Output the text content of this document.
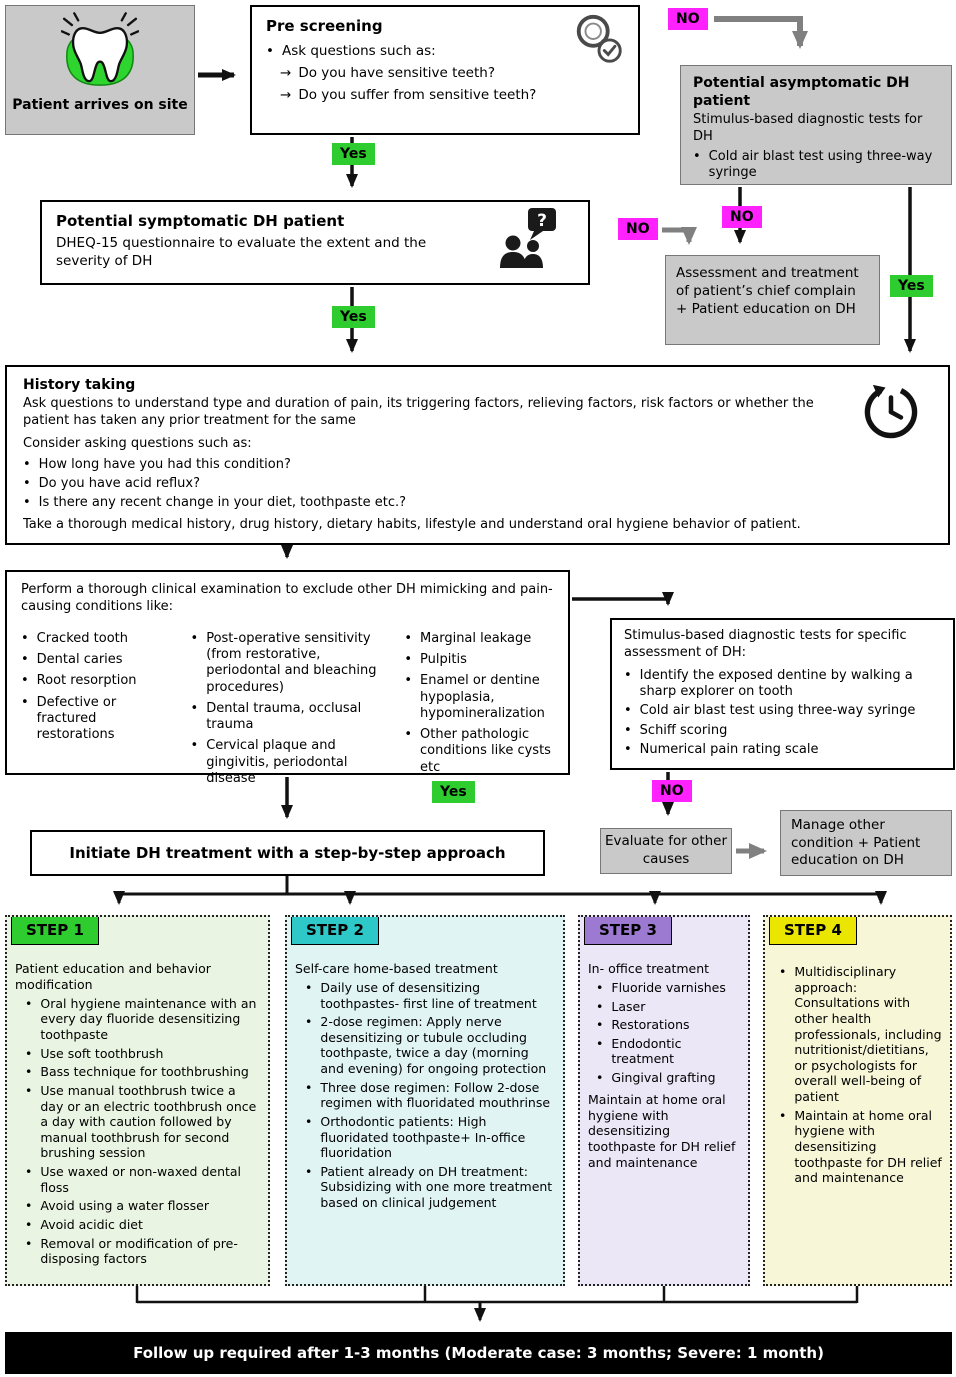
Patient arrives on site
Pre screening
• Ask questions such as:
→ Do you have sensitive teeth?
→ Do you suffer from sensitive teeth?
NO
Yes
Potential asymptomatic DH patient
Stimulus-based diagnostic tests for DH
• Cold air blast test using three-way syringe
?
Potential symptomatic DH patient
DHEQ-15 questionnaire to evaluate the extent and the severity of DH
NO
NO
Yes
Yes
Assessment and treatment of patient’s chief complain + Patient education on DH
History taking
Ask questions to understand type and duration of pain, its triggering factors, relieving factors, risk factors or whether the patient has taken any prior treatment for the same
Consider asking questions such as:
• How long have you had this condition?
• Do you have acid reflux?
• Is there any recent change in your diet, toothpaste etc.?
Take a thorough medical history, drug history, dietary habits, lifestyle and understand oral hygiene behavior of patient.
Perform a thorough clinical examination to exclude other DH mimicking and pain-causing conditions like:
• Cracked tooth
• Dental caries
• Root resorption
• Defective or fractured restorations
• Post-operative sensitivity (from restorative, periodontal and bleaching procedures)
• Dental trauma, occlusal trauma
• Cervical plaque and gingivitis, periodontal disease
• Marginal leakage
• Pulpitis
• Enamel or dentine hypoplasia, hypomineralization
• Other pathologic conditions like cysts etc
Stimulus-based diagnostic tests for specific assessment of DH:
• Identify the exposed dentine by walking a sharp explorer on tooth
• Cold air blast test using three-way syringe
• Schiff scoring
• Numerical pain rating scale
Yes	NO
Initiate DH treatment with a step-by-step approach
Evaluate for other causes
Manage other condition + Patient education on DH
STEP 1
Patient education and behavior modification
• Oral hygiene maintenance with an every day fluoride desensitizing toothpaste
• Use soft toothbrush
• Bass technique for toothbrushing
• Use manual toothbrush twice a day or an electric toothbrush once a day with caution followed by manual toothbrush for second brushing session
• Use waxed or non-waxed dental floss
• Avoid using a water flosser
• Avoid acidic diet
• Removal or modification of pre-disposing factors
STEP 2
Self-care home-based treatment
• Daily use of desensitizing toothpastes- first line of treatment
• 2-dose regimen: Apply nerve desensitizing or tubule occluding toothpaste, twice a day (morning and evening) for ongoing protection
• Three dose regimen: Follow 2-dose regimen with fluoridated mouthrinse
• Orthodontic patients: High fluoridated toothpaste+ In-office fluoridation
• Patient already on DH treatment: Subsidizing with one more treatment based on clinical judgement
STEP 3
In- office treatment
• Fluoride varnishes
• Laser
• Restorations
• Endodontic treatment
• Gingival grafting
Maintain at home oral hygiene with desensitizing toothpaste for DH relief and maintenance
STEP 4
• Multidisciplinary approach: Consultations with other health professionals, including nutritionist/dietitians, or psychologists for overall well-being of patient
• Maintain at home oral hygiene with desensitizing toothpaste for DH relief and maintenance
Follow up required after 1-3 months (Moderate case: 3 months; Severe: 1 month)
